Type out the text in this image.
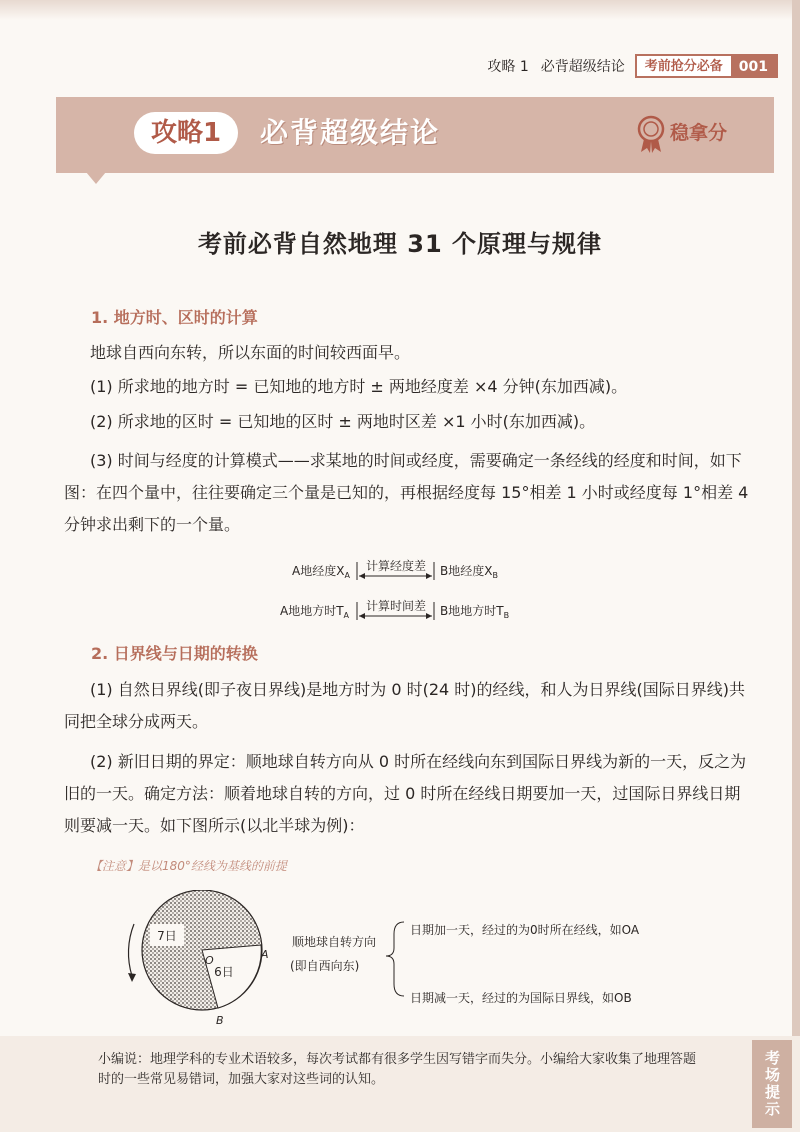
攻略 1 必背超级结论	考前抢分必备	001
攻略1	必背超级结论	稳拿分
考前必背自然地理 31 个原理与规律
1. 地方时、区时的计算
地球自西向东转，所以东面的时间较西面早。
(1) 所求地的地方时 = 已知地的地方时 ± 两地经度差 ×4 分钟(东加西减)。
(2) 所求地的区时 = 已知地的区时 ± 两地时区差 ×1 小时(东加西减)。
(3) 时间与经度的计算模式——求某地的时间或经度，需要确定一条经线的经度和时间，如下图：在四个量中，往往要确定三个量是已知的，再根据经度每 15°相差 1 小时或经度每 1°相差 4 分钟求出剩下的一个量。
A地经度$X_A$
计算经度差 B地经度$X_B$
A地地方时$T_A$
计算时间差 B地地方时$T_B$
2. 日界线与日期的转换
(1) 自然日界线(即子夜日界线)是地方时为 0 时(24 时)的经线，和人为日界线(国际日界线)共同把全球分成两天。
(2) 新旧日期的界定：顺地球自转方向从 0 时所在经线向东到国际日界线为新的一天，反之为旧的一天。确定方法：顺着地球自转的方向，过 0 时所在经线日期要加一天，过国际日界线日期则要减一天。如下图所示(以北半球为例)：
【注意】是以180°经线为基线的前提
7日
6日
O	A
B
顺地球自转方向
(即自西向东)
日期加一天，经过的为0时所在经线，如OA
日期减一天，经过的为国际日界线，如OB
小编说：地理学科的专业术语较多，每次考试都有很多学生因写错字而失分。小编给大家收集了地理答题时的一些常见易错词，加强大家对这些词的认知。	考场提示
